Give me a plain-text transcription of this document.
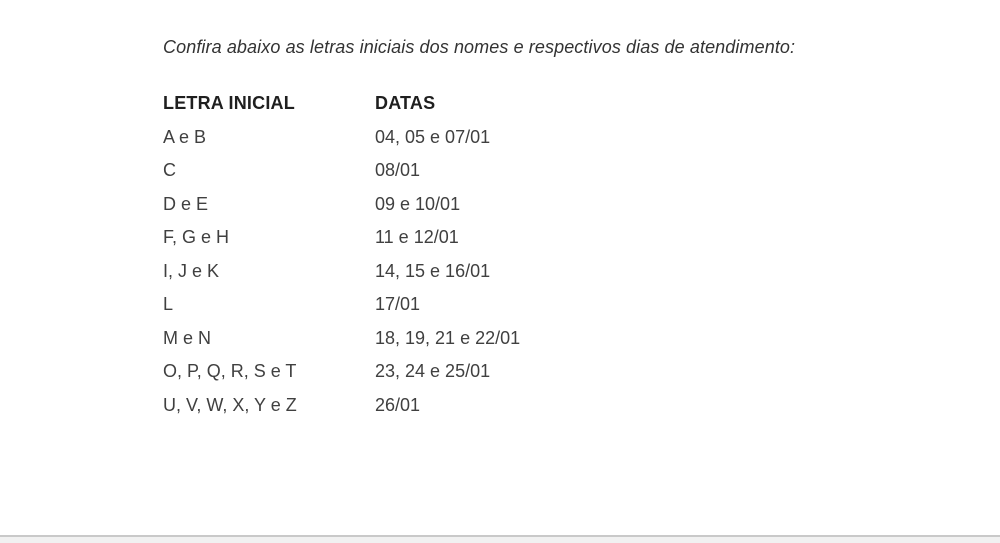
Confira abaixo as letras iniciais dos nomes e respectivos dias de atendimento:

LETRA INICIAL	DATAS
A e B	04, 05 e 07/01
C	08/01
D e E	09 e 10/01
F, G e H	11 e 12/01
I, J e K	14, 15 e 16/01
L	17/01
M e N	18, 19, 21 e 22/01
O, P, Q, R, S e T	23, 24 e 25/01
U, V, W, X, Y e Z	26/01
